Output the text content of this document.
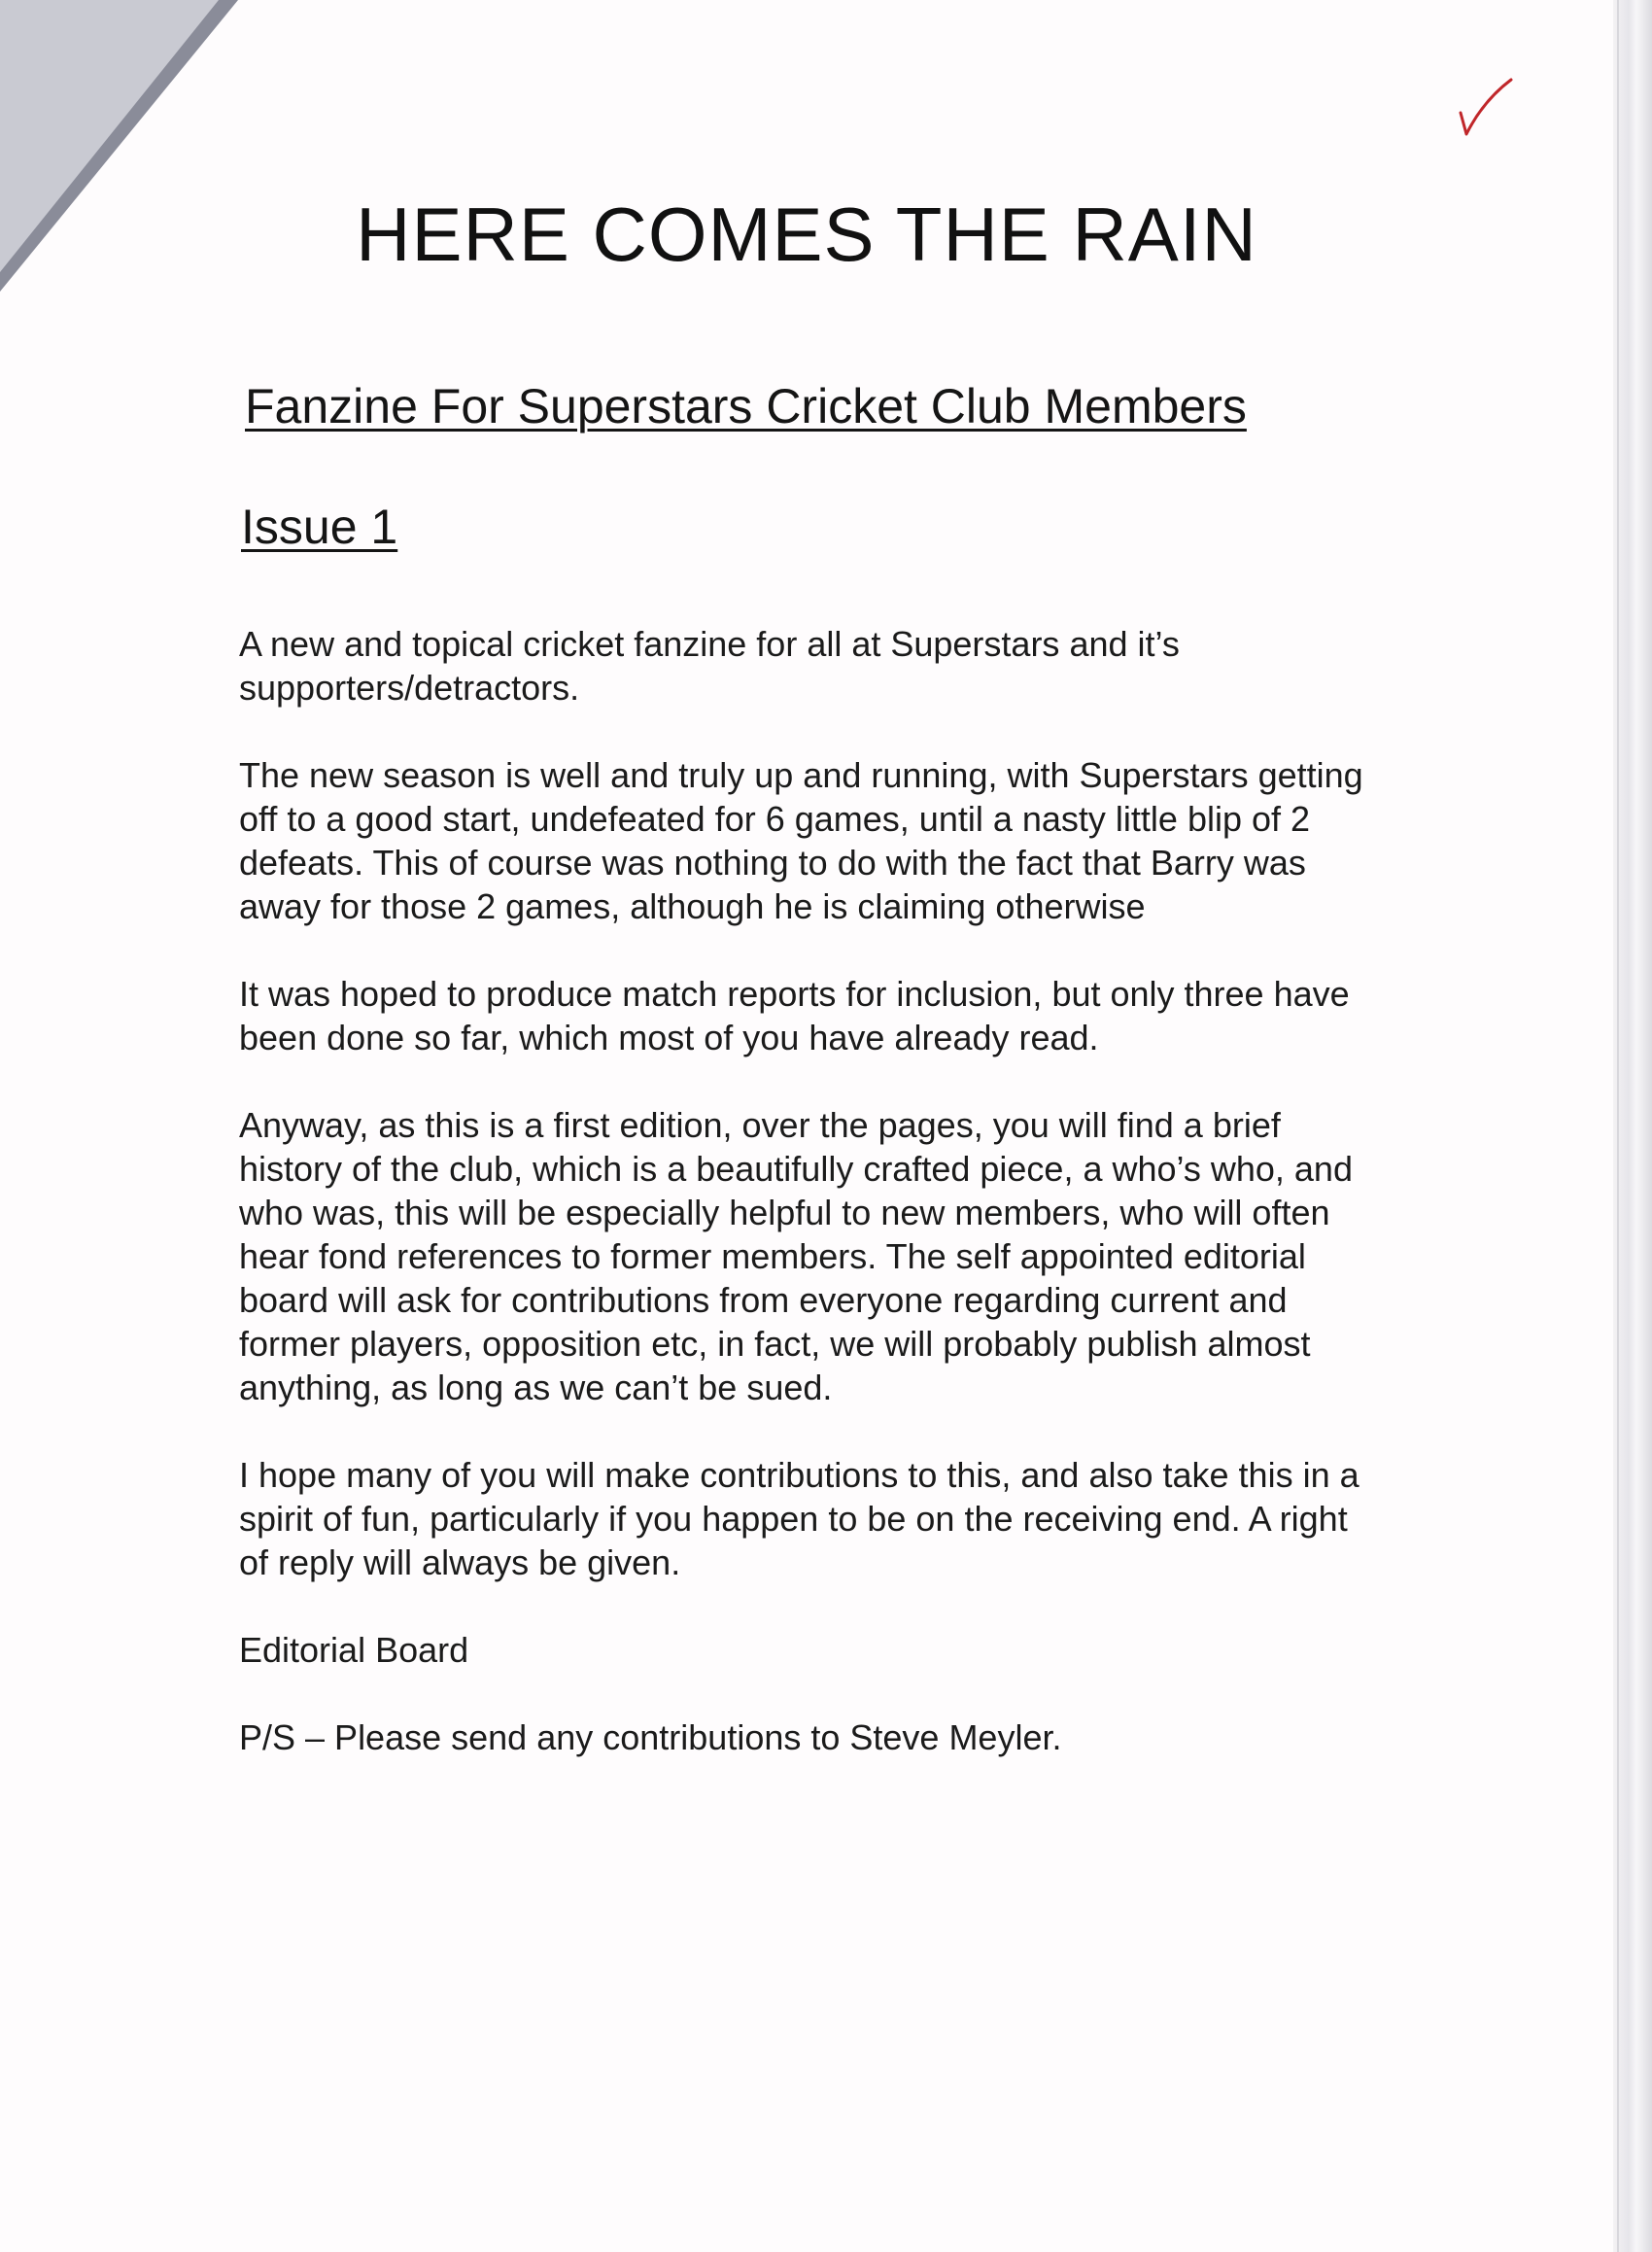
HERE COMES THE RAIN
Fanzine For Superstars Cricket Club Members
Issue 1

A new and topical cricket fanzine for all at Superstars and it’s supporters/detractors.

The new season is well and truly up and running, with Superstars getting off to a good start, undefeated for 6 games, until a nasty little blip of 2 defeats. This of course was nothing to do with the fact that Barry was away for those 2 games, although he is claiming otherwise

It was hoped to produce match reports for inclusion, but only three have been done so far, which most of you have already read.

Anyway, as this is a first edition, over the pages, you will find a brief history of the club, which is a beautifully crafted piece, a who’s who, and who was, this will be especially helpful to new members, who will often hear fond references to former members. The self appointed editorial board will ask for contributions from everyone regarding current and former players, opposition etc, in fact, we will probably publish almost anything, as long as we can’t be sued.

I hope many of you will make contributions to this, and also take this in a spirit of fun, particularly if you happen to be on the receiving end. A right of reply will always be given.

Editorial Board

P/S – Please send any contributions to Steve Meyler.
